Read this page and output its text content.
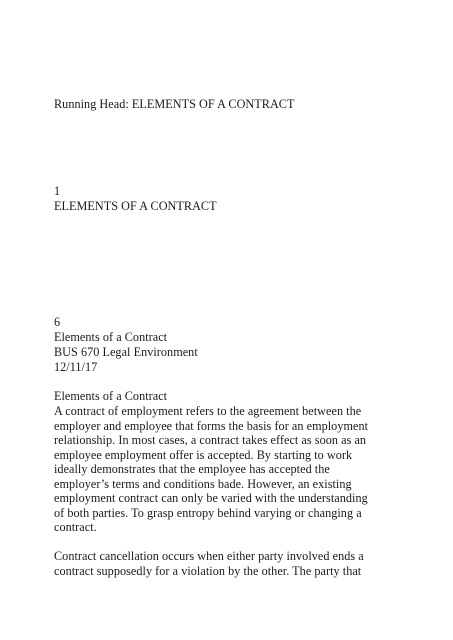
Running Head: ELEMENTS OF A CONTRACT
1
ELEMENTS OF A CONTRACT
6
Elements of a Contract
BUS 670 Legal Environment
12/11/17
Elements of a Contract
A contract of employment refers to the agreement between the
employer and employee that forms the basis for an employment
relationship. In most cases, a contract takes effect as soon as an
employee employment offer is accepted. By starting to work
ideally demonstrates that the employee has accepted the
employer’s terms and conditions bade. However, an existing
employment contract can only be varied with the understanding
of both parties. To grasp entropy behind varying or changing a
contract.
Contract cancellation occurs when either party involved ends a
contract supposedly for a violation by the other. The party that
